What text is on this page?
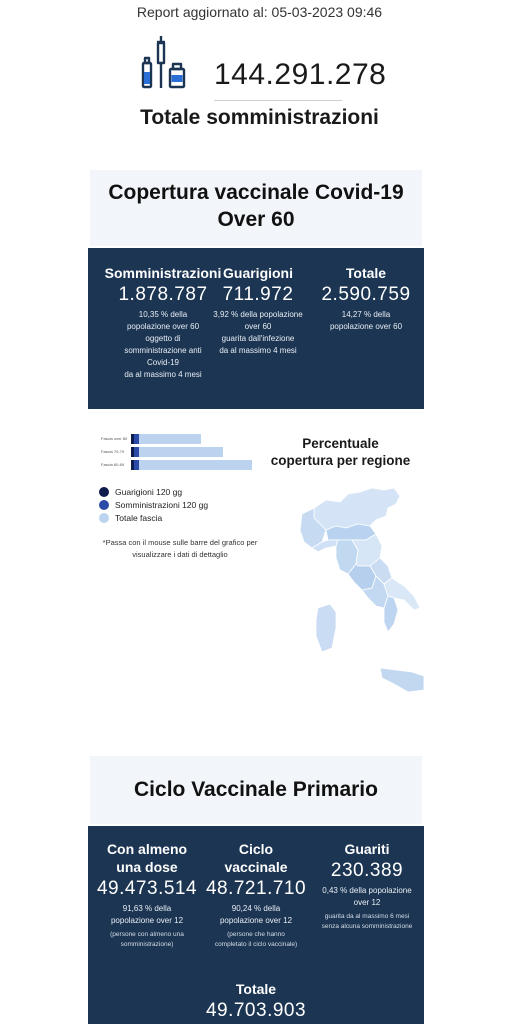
Report aggiornato al: 05-03-2023 09:46
144.291.278
Totale somministrazioni
Copertura vaccinale Covid-19
Over 60
Somministrazioni
1.878.787
10,35 % della
popolazione over 60
oggetto di
somministrazione anti
Covid-19
da al massimo 4 mesi
Guarigioni
711.972
3,92 % della popolazione
over 60
guarita dall'infezione
da al massimo 4 mesi
Totale
2.590.759
14,27 % della
popolazione over 60
Fascia over 80
Fascia 70-79
Fascia 60-69
Guarigioni 120 gg
Somministrazioni 120 gg
Totale fascia
*Passa con il mouse sulle barre del grafico per
visualizzare i dati di dettaglio
Percentuale
copertura per regione
Ciclo Vaccinale Primario
Con almeno
una dose
49.473.514
91,63 % della
popolazione over 12
(persone con almeno una
somministrazione)
Ciclo
vaccinale
48.721.710
90,24 % della
popolazione over 12
(persone che hanno
completato il ciclo vaccinale)
Guariti
230.389
0,43 % della popolazione
over 12
guarita da al massimo 6 mesi
senza alcuna somministrazione
Totale
49.703.903
